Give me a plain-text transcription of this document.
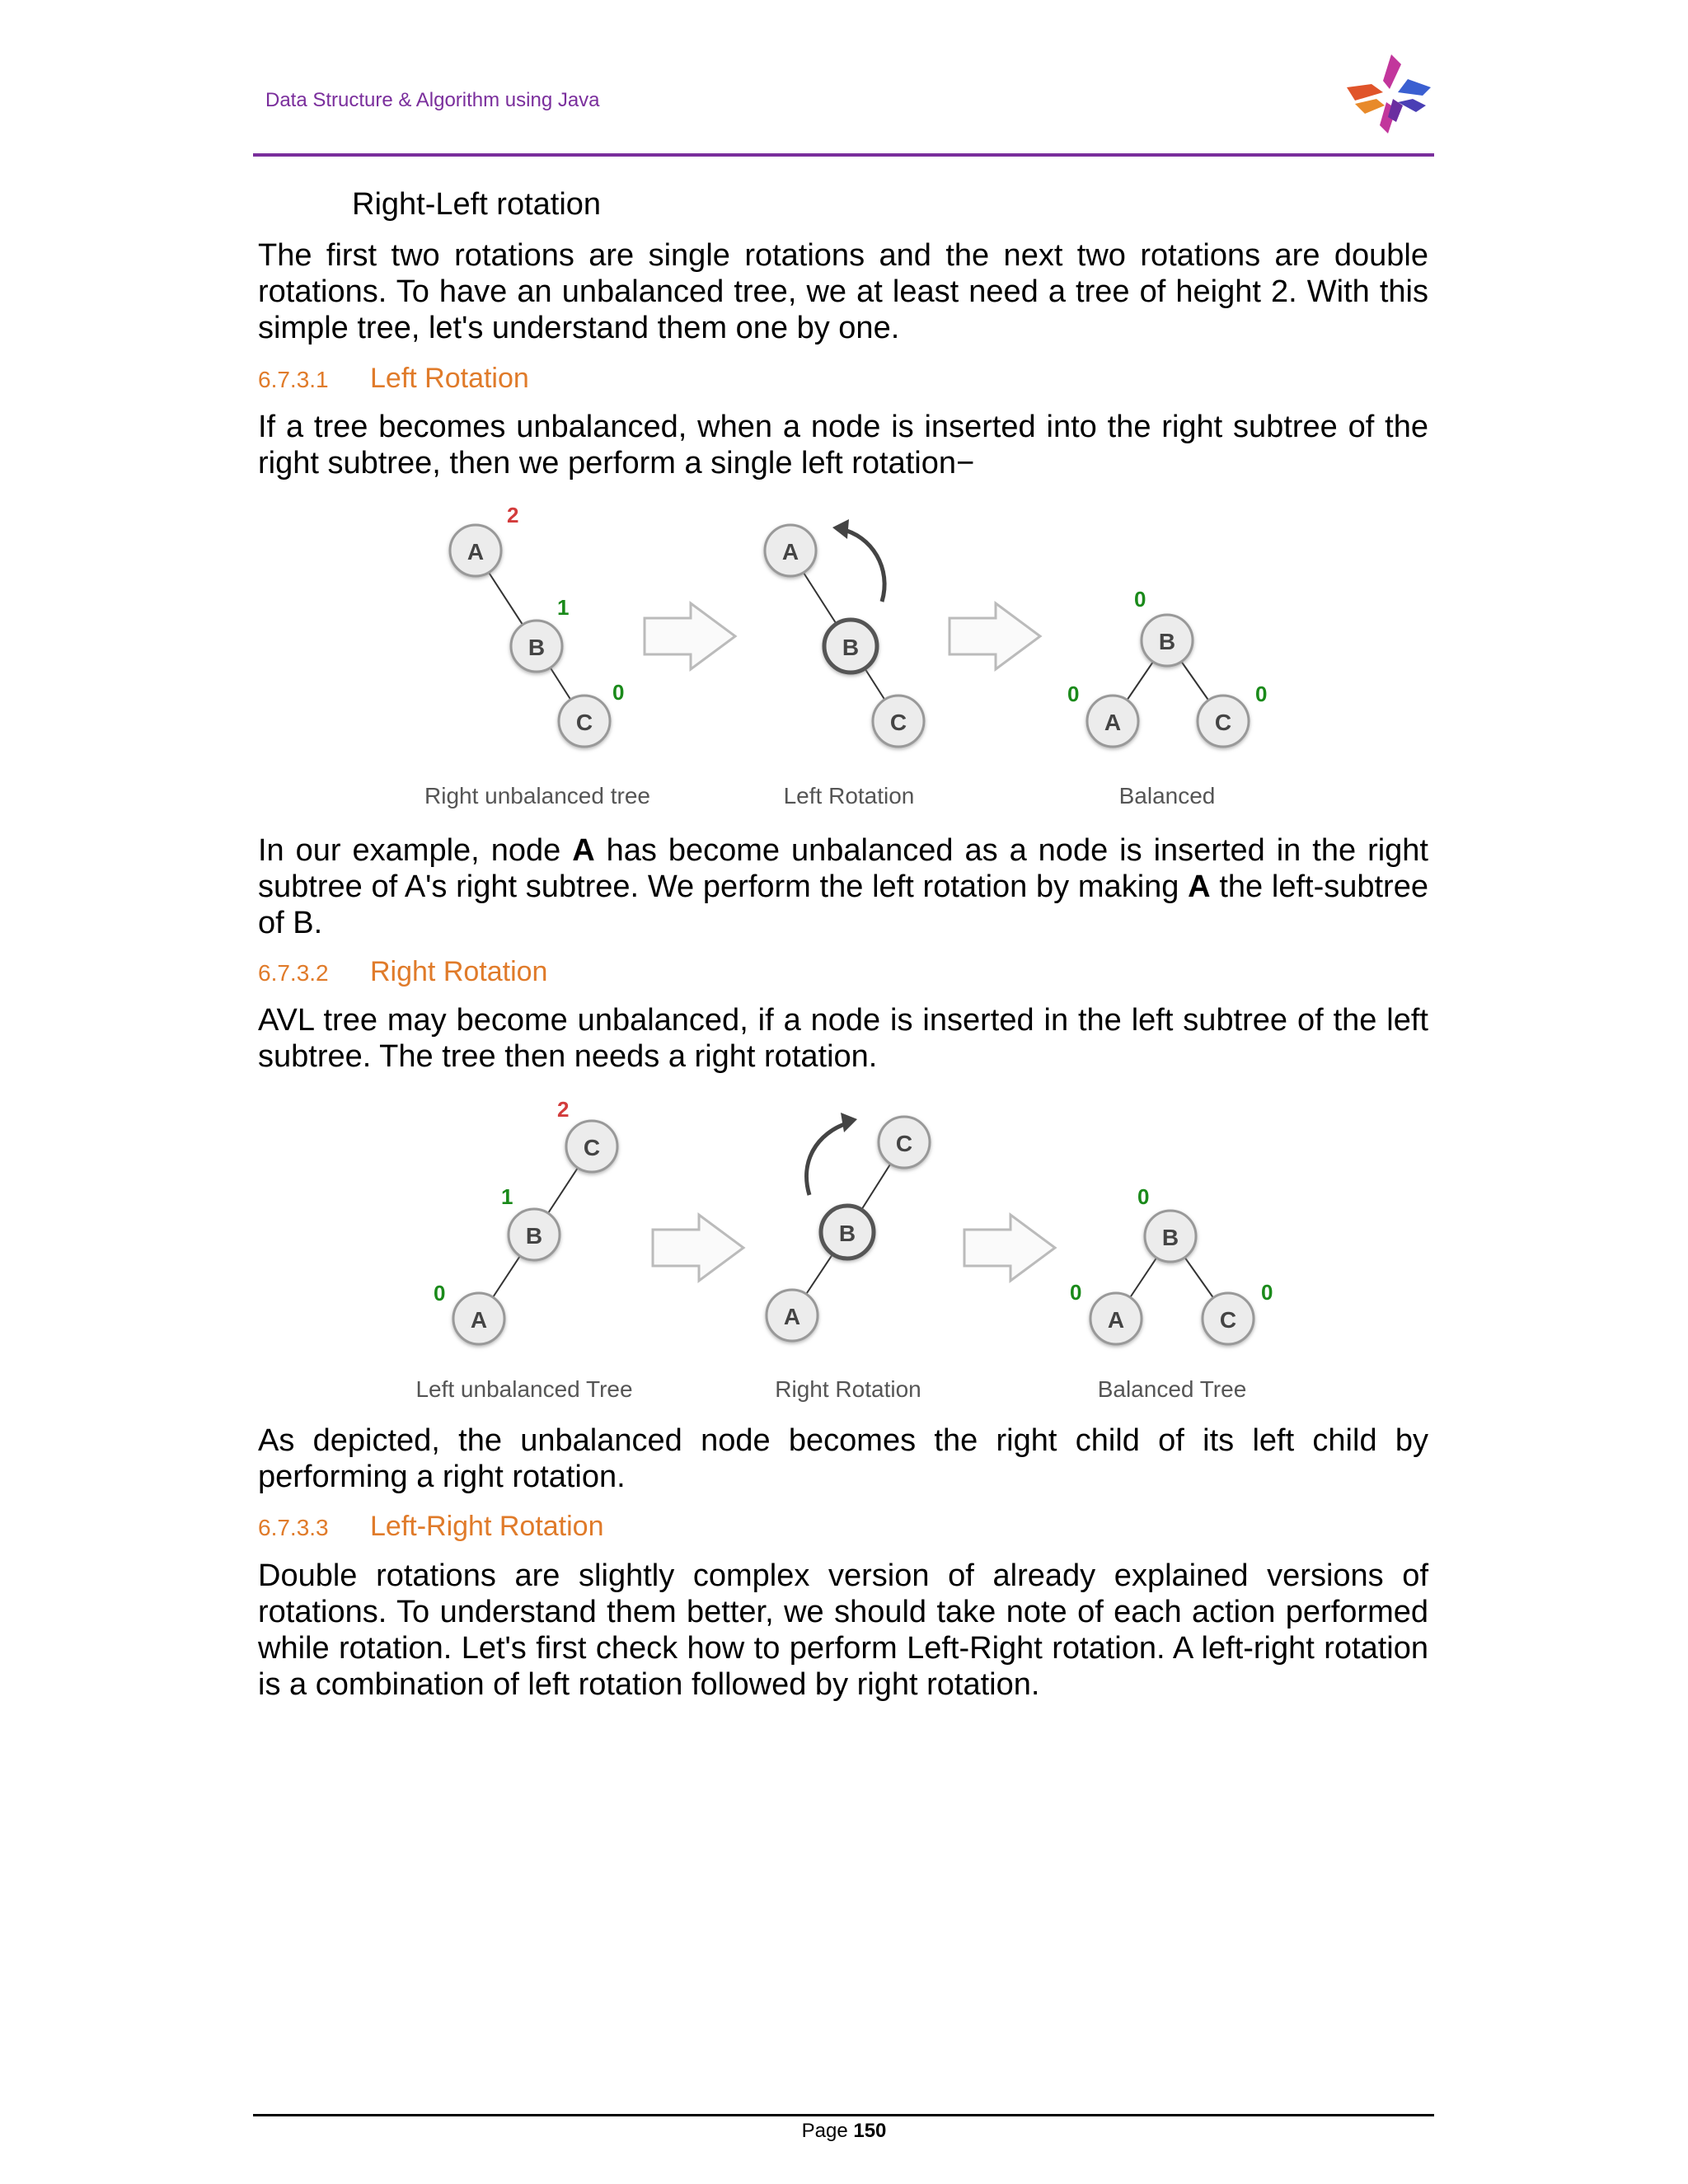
Data Structure & Algorithm using Java

Right-Left rotation

The first two rotations are single rotations and the next two rotations are double rotations. To have an unbalanced tree, we at least need a tree of height 2. With this simple tree, let's understand them one by one.

6.7.3.1 Left Rotation

If a tree becomes unbalanced, when a node is inserted into the right subtree of the right subtree, then we perform a single left rotation−

A
B
C
2
1
0
A
B
C
B
A	C
0
0	0
Right unbalanced tree	Left Rotation	Balanced

In our example, node A has become unbalanced as a node is inserted in the right subtree of A's right subtree. We perform the left rotation by making A the left-subtree of B.

6.7.3.2 Right Rotation

AVL tree may become unbalanced, if a node is inserted in the left subtree of the left subtree. The tree then needs a right rotation.

C
B
A
2
1
0
C
B
A
B
A	C
0
0	0
Left unbalanced Tree	Right Rotation	Balanced Tree

As depicted, the unbalanced node becomes the right child of its left child by performing a right rotation.

6.7.3.3 Left-Right Rotation

Double rotations are slightly complex version of already explained versions of rotations. To understand them better, we should take note of each action performed while rotation. Let's first check how to perform Left-Right rotation. A left-right rotation is a combination of left rotation followed by right rotation.

Page 150
